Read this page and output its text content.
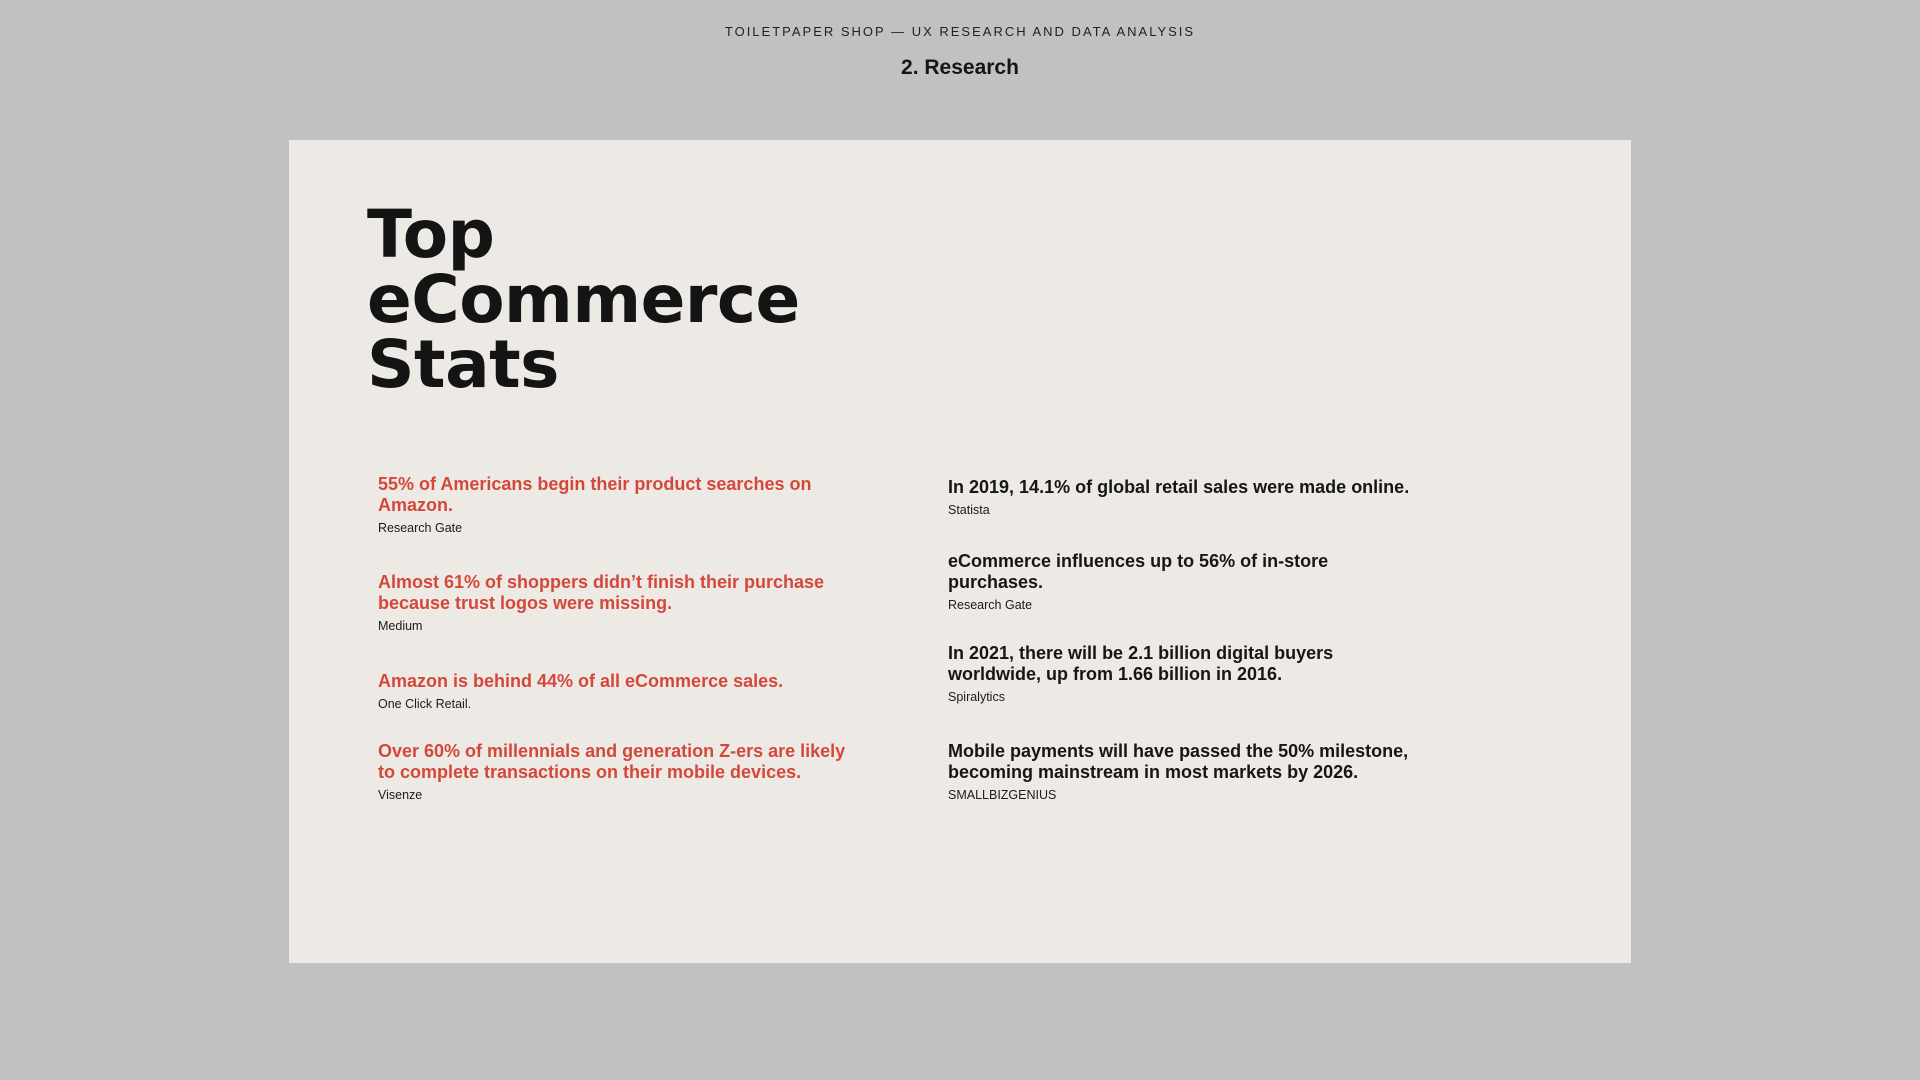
TOILETPAPER SHOP — UX RESEARCH AND DATA ANALYSIS
2. Research
Top
eCommerce
Stats
55% of Americans begin their product searches on Amazon.
Research Gate
Almost 61% of shoppers didn’t finish their purchase because trust logos were missing.
Medium
Amazon is behind 44% of all eCommerce sales.
One Click Retail.
Over 60% of millennials and generation Z-ers are likely to complete transactions on their mobile devices.
Visenze
In 2019, 14.1% of global retail sales were made online.
Statista
eCommerce influences up to 56% of in-store purchases.
Research Gate
In 2021, there will be 2.1 billion digital buyers worldwide, up from 1.66 billion in 2016.
Spiralytics
Mobile payments will have passed the 50% milestone, becoming mainstream in most markets by 2026.
SMALLBIZGENIUS
